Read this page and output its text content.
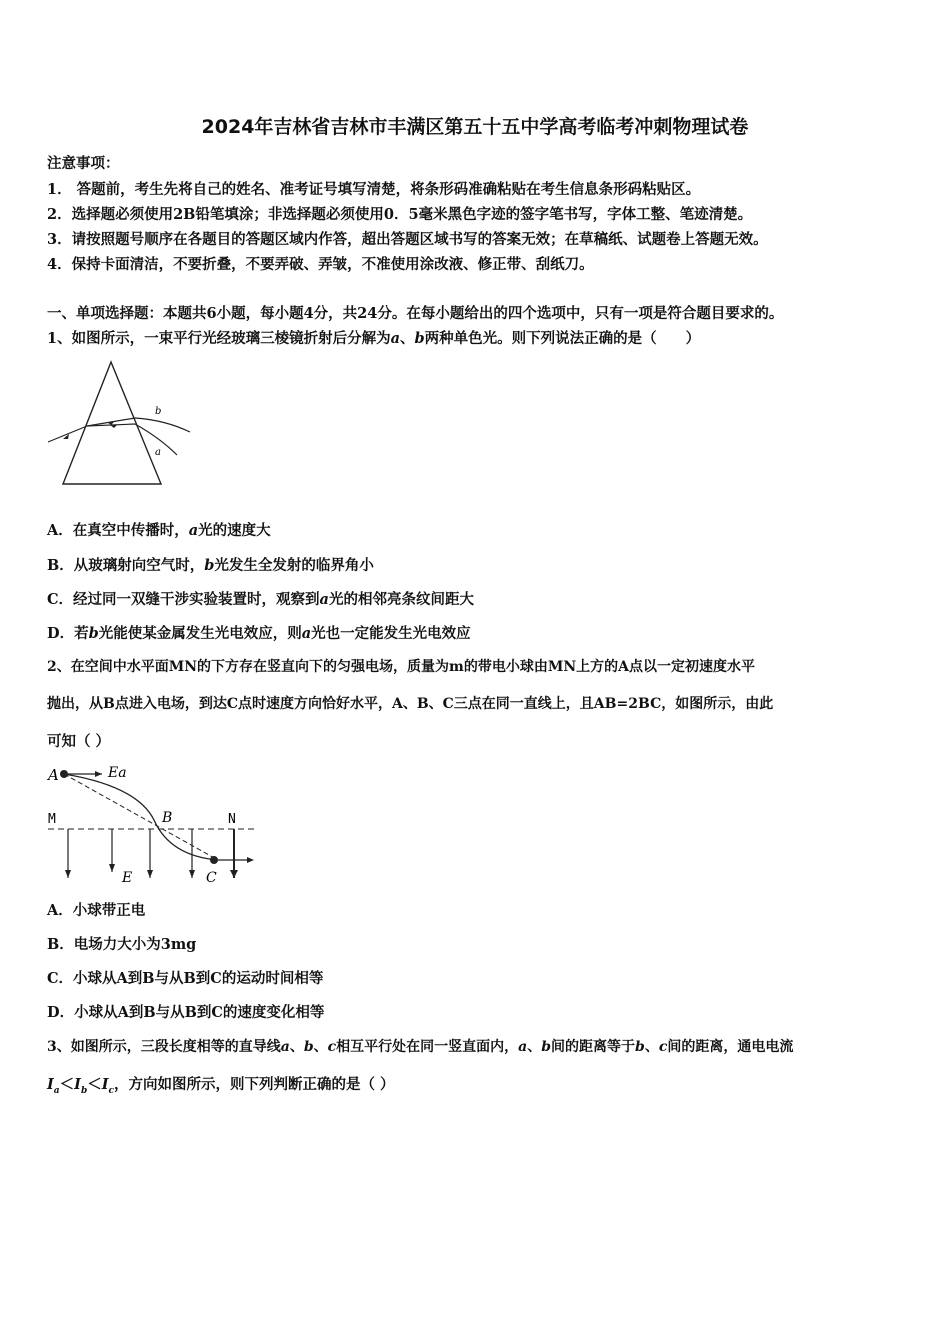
2024年吉林省吉林市丰满区第五十五中学高考临考冲刺物理试卷
注意事项：
1． 答题前，考生先将自己的姓名、准考证号填写清楚，将条形码准确粘贴在考生信息条形码粘贴区。
2．选择题必须使用2B铅笔填涂；非选择题必须使用0．5毫米黑色字迹的签字笔书写，字体工整、笔迹清楚。
3．请按照题号顺序在各题目的答题区域内作答，超出答题区域书写的答案无效；在草稿纸、试题卷上答题无效。
4．保持卡面清洁，不要折叠，不要弄破、弄皱，不准使用涂改液、修正带、刮纸刀。
一、单项选择题：本题共6小题，每小题4分，共24分。在每小题给出的四个选项中，只有一项是符合题目要求的。
1、如图所示，一束平行光经玻璃三棱镜折射后分解为a、b两种单色光。则下列说法正确的是（　　）
b
a
A．在真空中传播时，a光的速度大
B．从玻璃射向空气时，b光发生全发射的临界角小
C．经过同一双缝干涉实验装置时，观察到a光的相邻亮条纹间距大
D．若b光能使某金属发生光电效应，则a光也一定能发生光电效应
2、在空间中水平面MN的下方存在竖直向下的匀强电场，质量为m的带电小球由MN上方的A点以一定初速度水平
抛出，从B点进入电场，到达C点时速度方向恰好水平，A、B、C三点在同一直线上，且AB=2BC，如图所示，由此
可知（ ）
A	Ea
M	B	N
E	C
A．小球带正电
B．电场力大小为3mg
C．小球从A到B与从B到C的运动时间相等
D．小球从A到B与从B到C的速度变化相等
3、如图所示，三段长度相等的直导线a、b、c相互平行处在同一竖直面内，a、b间的距离等于b、c间的距离，通电电流
$I_a<I_b<I_c$，方向如图所示，则下列判断正确的是（ ）
